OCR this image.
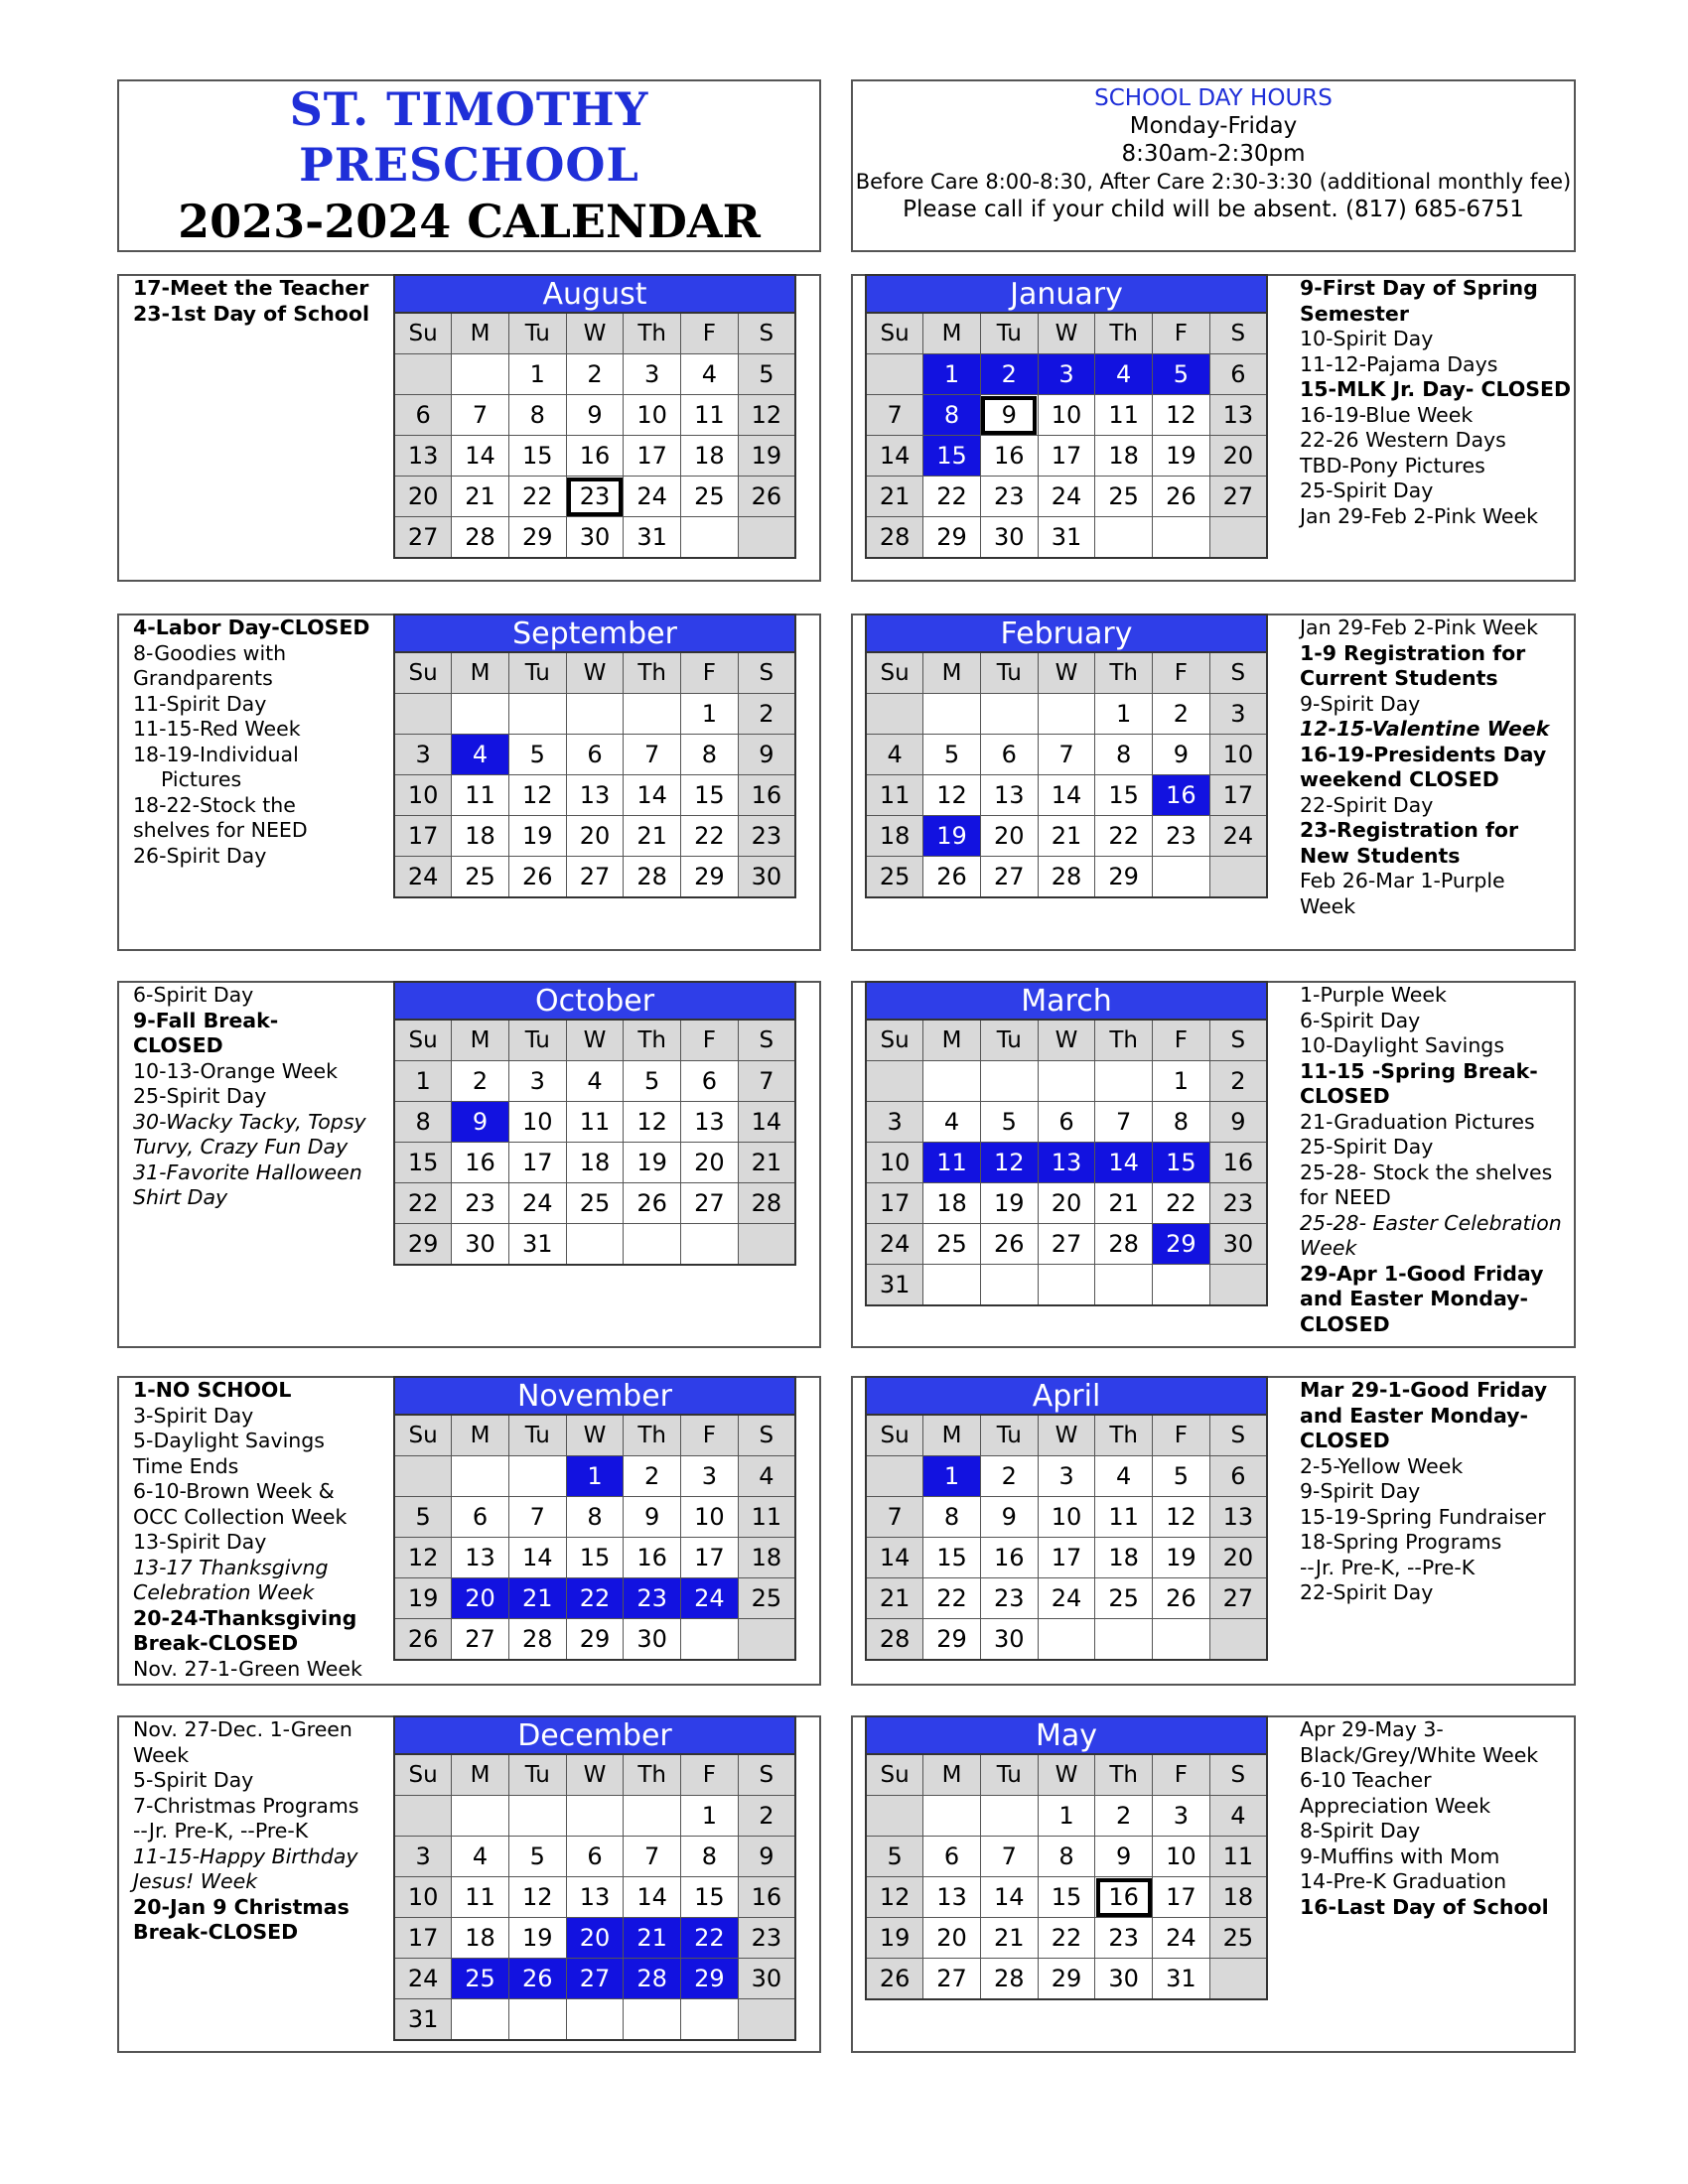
ST. TIMOTHY
PRESCHOOL
2023-2024 CALENDAR
SCHOOL DAY HOURS
Monday-Friday
8:30am-2:30pm
Before Care 8:00-8:30, After Care 2:30-3:30 (additional monthly fee)
Please call if your child will be absent. (817) 685-6751
17-Meet the Teacher
23-1st Day of School
August
Su	M	Tu	W	Th	F	S
		1	2	3	4	5
6	7	8	9	10	11	12
13	14	15	16	17	18	19
20	21	22	23	24	25	26
27	28	29	30	31		
9-First Day of Spring
Semester
10-Spirit Day
11-12-Pajama Days
15-MLK Jr. Day- CLOSED
16-19-Blue Week
22-26 Western Days
TBD-Pony Pictures
25-Spirit Day
Jan 29-Feb 2-Pink Week
January
Su	M	Tu	W	Th	F	S
	1	2	3	4	5	6
7	8	9	10	11	12	13
14	15	16	17	18	19	20
21	22	23	24	25	26	27
28	29	30	31			
4-Labor Day-CLOSED
8-Goodies with
Grandparents
11-Spirit Day
11-15-Red Week
18-19-Individual
Pictures
18-22-Stock the
shelves for NEED
26-Spirit Day
September
Su	M	Tu	W	Th	F	S
					1	2
3	4	5	6	7	8	9
10	11	12	13	14	15	16
17	18	19	20	21	22	23
24	25	26	27	28	29	30
Jan 29-Feb 2-Pink Week
1-9 Registration for
Current Students
9-Spirit Day
12-15-Valentine Week
16-19-Presidents Day
weekend CLOSED
22-Spirit Day
23-Registration for
New Students
Feb 26-Mar 1-Purple
Week
February
Su	M	Tu	W	Th	F	S
				1	2	3
4	5	6	7	8	9	10
11	12	13	14	15	16	17
18	19	20	21	22	23	24
25	26	27	28	29		
6-Spirit Day
9-Fall Break- CLOSED
10-13-Orange Week
25-Spirit Day
30-Wacky Tacky, Topsy
Turvy, Crazy Fun Day
31-Favorite Halloween
Shirt Day
October
Su	M	Tu	W	Th	F	S
1	2	3	4	5	6	7
8	9	10	11	12	13	14
15	16	17	18	19	20	21
22	23	24	25	26	27	28
29	30	31				
1-Purple Week
6-Spirit Day
10-Daylight Savings
11-15 -Spring Break-
CLOSED
21-Graduation Pictures
25-Spirit Day
25-28- Stock the shelves
for NEED
25-28- Easter Celebration
Week
29-Apr 1-Good Friday
and Easter Monday-
CLOSED
March
Su	M	Tu	W	Th	F	S
					1	2
3	4	5	6	7	8	9
10	11	12	13	14	15	16
17	18	19	20	21	22	23
24	25	26	27	28	29	30
31						
1-NO SCHOOL
3-Spirit Day
5-Daylight Savings
Time Ends
6-10-Brown Week &
OCC Collection Week
13-Spirit Day
13-17 Thanksgivng
Celebration Week
20-24-Thanksgiving
Break-CLOSED
Nov. 27-1-Green Week
November
Su	M	Tu	W	Th	F	S
			1	2	3	4
5	6	7	8	9	10	11
12	13	14	15	16	17	18
19	20	21	22	23	24	25
26	27	28	29	30		
Mar 29-1-Good Friday
and Easter Monday-
CLOSED
2-5-Yellow Week
9-Spirit Day
15-19-Spring Fundraiser
18-Spring Programs
--Jr. Pre-K, --Pre-K
22-Spirit Day
April
Su	M	Tu	W	Th	F	S
	1	2	3	4	5	6
7	8	9	10	11	12	13
14	15	16	17	18	19	20
21	22	23	24	25	26	27
28	29	30				
Nov. 27-Dec. 1-Green
Week
5-Spirit Day
7-Christmas Programs
--Jr. Pre-K, --Pre-K
11-15-Happy Birthday
Jesus! Week
20-Jan 9 Christmas
Break-CLOSED
December
Su	M	Tu	W	Th	F	S
					1	2
3	4	5	6	7	8	9
10	11	12	13	14	15	16
17	18	19	20	21	22	23
24	25	26	27	28	29	30
31						
Apr 29-May 3-
Black/Grey/White Week
6-10 Teacher
Appreciation Week
8-Spirit Day
9-Muffins with Mom
14-Pre-K Graduation
16-Last Day of School
May
Su	M	Tu	W	Th	F	S
			1	2	3	4
5	6	7	8	9	10	11
12	13	14	15	16	17	18
19	20	21	22	23	24	25
26	27	28	29	30	31	
